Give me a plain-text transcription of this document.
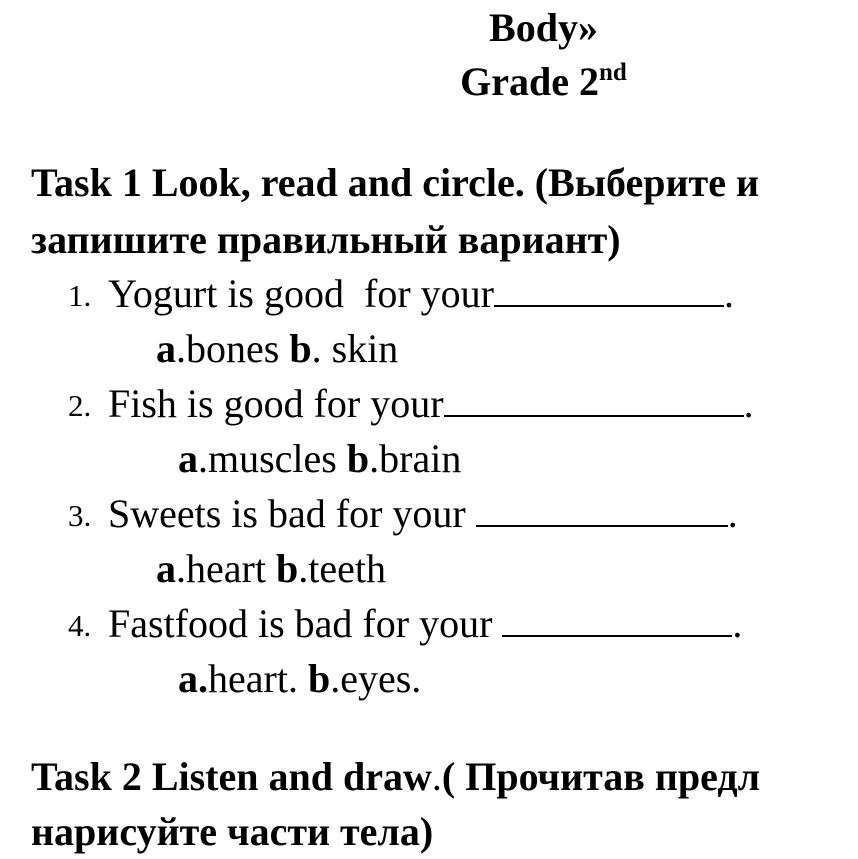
Body»
Grade 2nd
Task 1 Look, read and circle. (Выберите и
запишите правильный вариант)
1. Yogurt is good  for your	.
a.bones b. skin
2. Fish is good for your	.
a.muscles b.brain
3. Sweets is bad for your	.
a.heart b.teeth
4. Fastfood is bad for your	.
a.heart. b.eyes.
Task 2 Listen and draw.( Прочитав предл
нарисуйте части тела)
